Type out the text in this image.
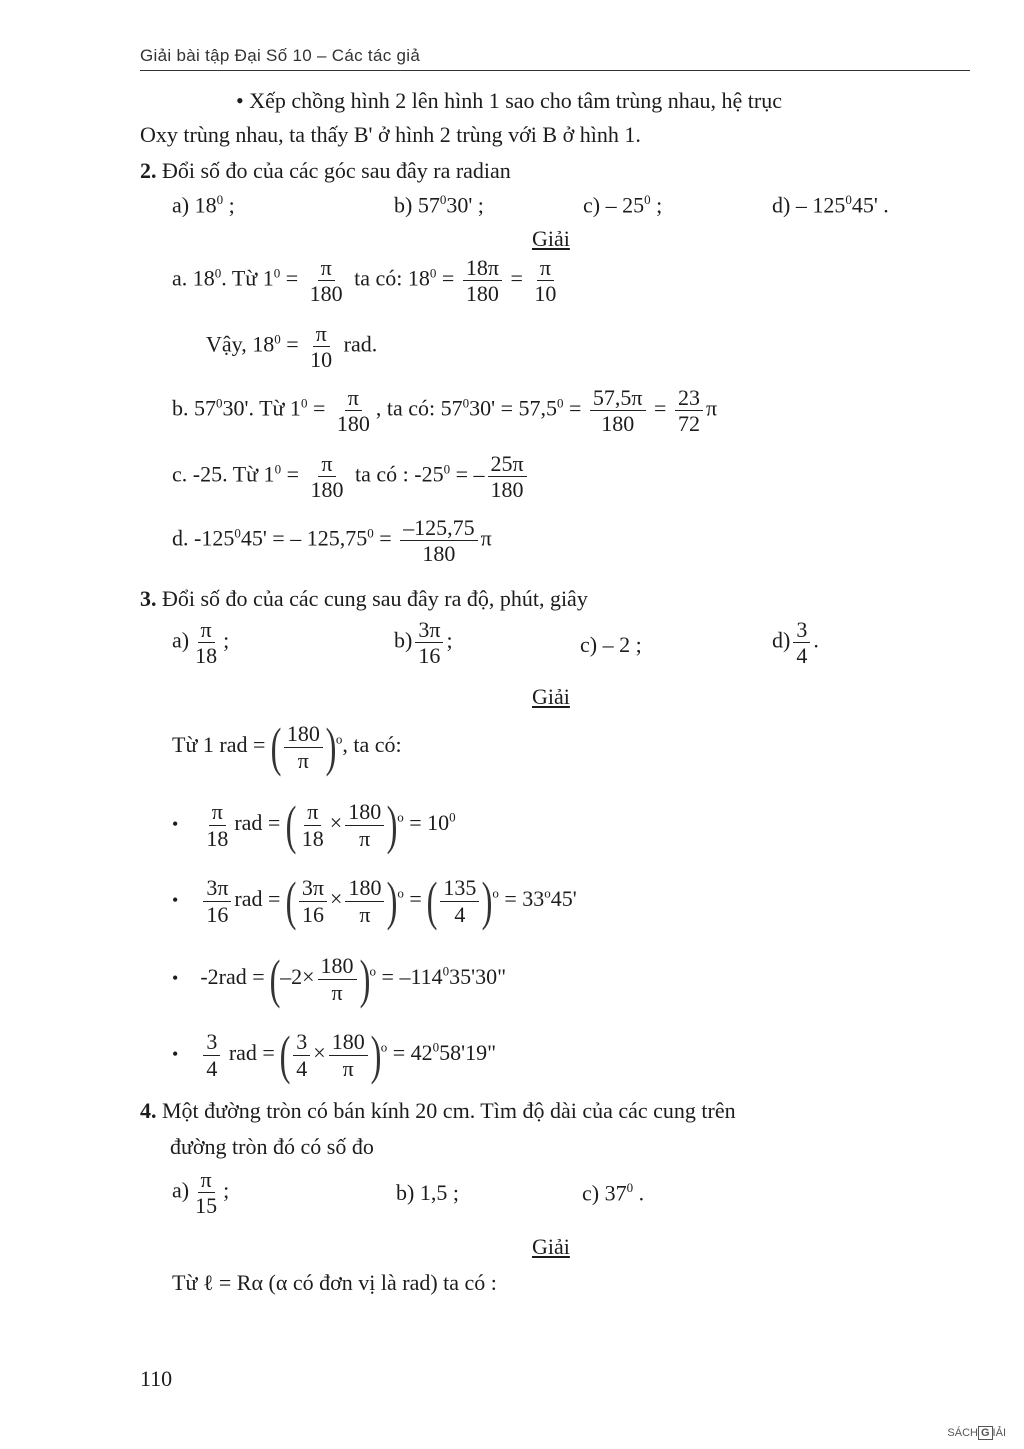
Giải bài tập Đại Số 10 – Các tác giả
• Xếp chồng hình 2 lên hình 1 sao cho tâm trùng nhau, hệ trục
Oxy trùng nhau, ta thấy B' ở hình 2 trùng với B ở hình 1.
2. Đổi số đo của các góc sau đây ra radian
a) $18^0$ ;	b) $57^030'$ ;	$c) - 25^0$ ;	$d) - 125^045'$ .
Giải
a. $18^0$. Từ $1^0 = \frac{\pi}{180}$ ta có: $18^0 = \frac{18\pi}{180} = \frac{\pi}{10}$
Vậy, $18^0 = \frac{\pi}{10}$ rad.
b. $57^030'$. Từ $1^0 = \frac{\pi}{180}$ , ta có: $57^030' = 57,5^0 = \frac{57,5\pi}{180} = \frac{23}{72}$ π
c. -25. Từ $1^0 = \frac{\pi}{180}$ ta có : $-25^0$ = – $\frac{25\pi}{180}$
d. $-125^045'$ = – $125,75^0 = \frac{-125,75}{180}$ π
3. Đổi số đo của các cung sau đây ra độ, phút, giây
$a) \frac{\pi}{18}$ ;	$b) \frac{3\pi}{16}$ ;	c) – 2 ;	$d) \frac{3}{4}$ .
Giải
Từ 1 rad = ( $\frac{180}{\pi} )^o$, ta có:
• $\frac{\pi}{18}$ rad = ( $\frac{\pi}{18} \times \frac{180}{\pi} )^o = 10^0$
• $\frac{3\pi}{16}$ rad = ( $\frac{3\pi}{16} \times \frac{180}{\pi} )^o$ = ( $\frac{135}{4} )^o = 33^o45'$
• $-2rad = (-2\times \frac{180}{\pi} )^o = -114^035'30$"
• $\frac{3}{4}$ rad = ( $\frac{3}{4} \times \frac{180}{\pi} )^o = 42^058'19$"
4. Một đường tròn có bán kính 20 cm. Tìm độ dài của các cung trên
đường tròn đó có số đo
$a) \frac{\pi}{15}$ ;	b) 1,5 ;	c) $37^0$ .
Giải
Từ ℓ = Rα (α có đơn vị là rad) ta có :
110
SÁCH G IẢI
